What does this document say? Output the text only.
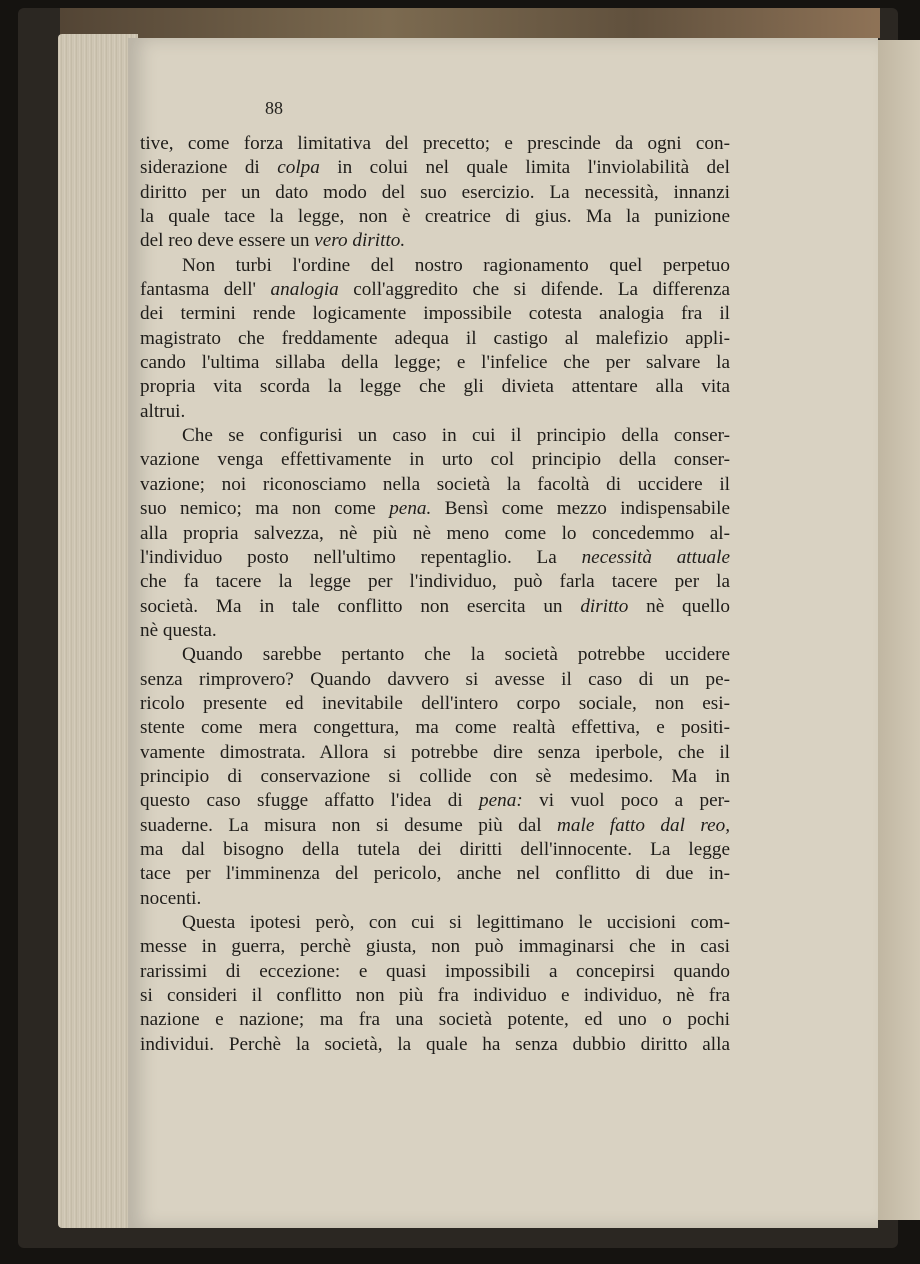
88
tive, come forza limitativa del precetto; e prescinde da ogni con-
siderazione di colpa in colui nel quale limita l'inviolabilità del
diritto per un dato modo del suo esercizio. La necessità, innanzi
la quale tace la legge, non è creatrice di gius. Ma la punizione
del reo deve essere un vero diritto.
Non turbi l'ordine del nostro ragionamento quel perpetuo
fantasma dell' analogia coll'aggredito che si difende. La differenza
dei termini rende logicamente impossibile cotesta analogia fra il
magistrato che freddamente adequa il castigo al malefizio appli-
cando l'ultima sillaba della legge; e l'infelice che per salvare la
propria vita scorda la legge che gli divieta attentare alla vita
altrui.
Che se configurisi un caso in cui il principio della conser-
vazione venga effettivamente in urto col principio della conser-
vazione; noi riconosciamo nella società la facoltà di uccidere il
suo nemico; ma non come pena. Bensì come mezzo indispensabile
alla propria salvezza, nè più nè meno come lo concedemmo al-
l'individuo posto nell'ultimo repentaglio. La necessità attuale
che fa tacere la legge per l'individuo, può farla tacere per la
società. Ma in tale conflitto non esercita un diritto nè quello
nè questa.
Quando sarebbe pertanto che la società potrebbe uccidere
senza rimprovero? Quando davvero si avesse il caso di un pe-
ricolo presente ed inevitabile dell'intero corpo sociale, non esi-
stente come mera congettura, ma come realtà effettiva, e positi-
vamente dimostrata. Allora si potrebbe dire senza iperbole, che il
principio di conservazione si collide con sè medesimo. Ma in
questo caso sfugge affatto l'idea di pena: vi vuol poco a per-
suaderne. La misura non si desume più dal male fatto dal reo,
ma dal bisogno della tutela dei diritti dell'innocente. La legge
tace per l'imminenza del pericolo, anche nel conflitto di due in-
nocenti.
Questa ipotesi però, con cui si legittimano le uccisioni com-
messe in guerra, perchè giusta, non può immaginarsi che in casi
rarissimi di eccezione: e quasi impossibili a concepirsi quando
si consideri il conflitto non più fra individuo e individuo, nè fra
nazione e nazione; ma fra una società potente, ed uno o pochi
individui. Perchè la società, la quale ha senza dubbio diritto alla
